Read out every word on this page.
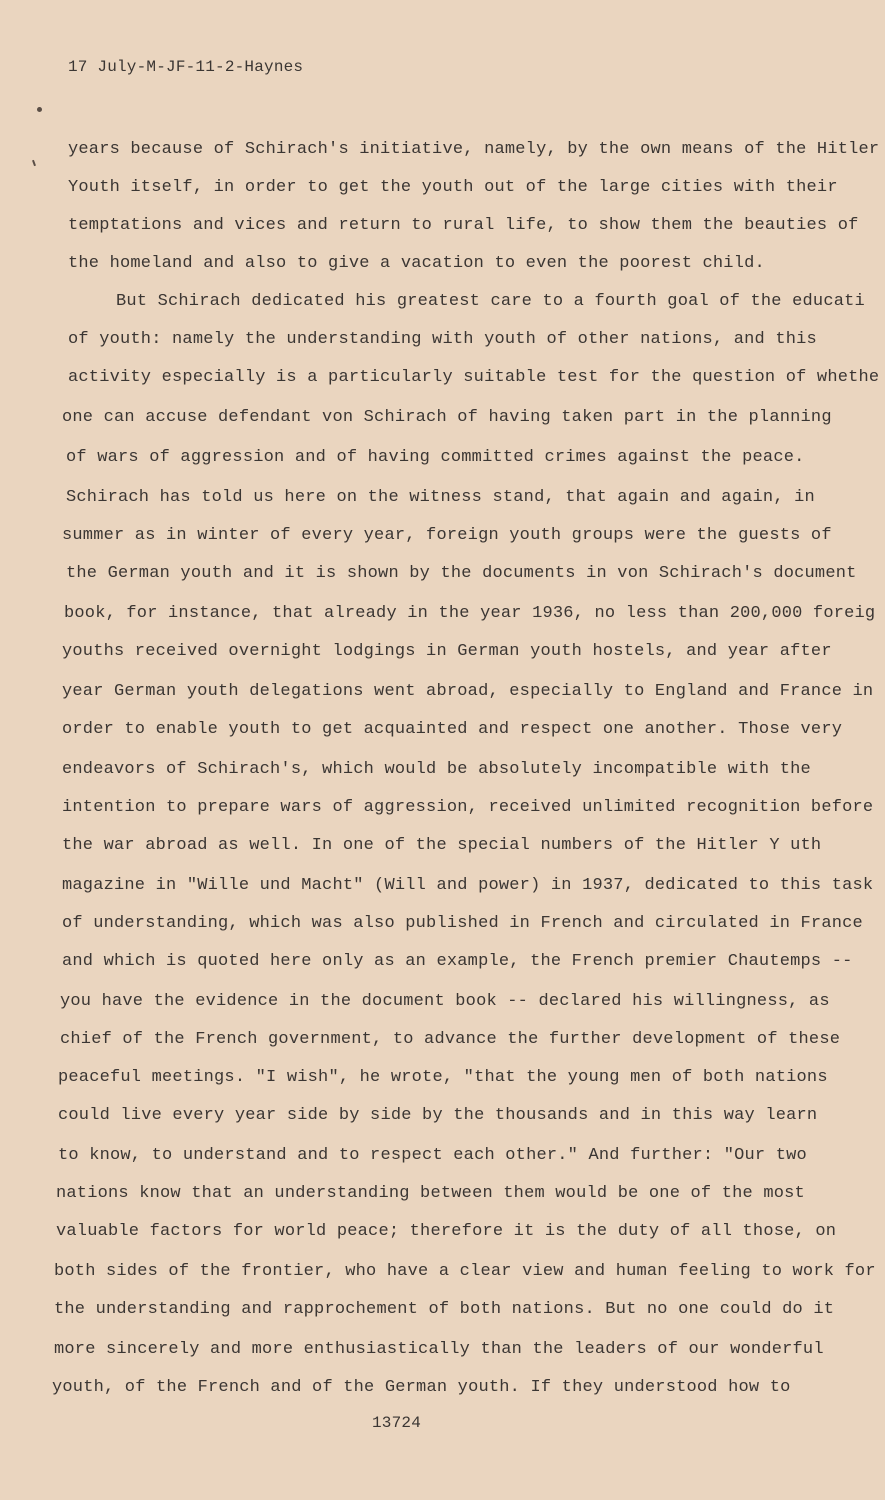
17 July-M-JF-11-2-Haynes
years because of Schirach's initiative, namely, by the own means of the Hitler
Youth itself, in order to get the youth out of the large cities with their
temptations and vices and return to rural life, to show them the beauties of
the homeland and also to give a vacation to even the poorest child.
But Schirach dedicated his greatest care to a fourth goal of the educati
of youth: namely the understanding with youth of other nations, and this
activity especially is a particularly suitable test for the question of whethe
one can accuse defendant von Schirach of having taken part in the planning
of wars of aggression and of having committed crimes against the peace.
Schirach has told us here on the witness stand, that again and again, in
summer as in winter of every year, foreign youth groups were the guests of
the German youth and it is shown by the documents in von Schirach's document
book, for instance, that already in the year 1936, no less than 200,000 foreig
youths received overnight lodgings in German youth hostels, and year after
year German youth delegations went abroad, especially to England and France in
order to enable youth to get acquainted and respect one another. Those very
endeavors of Schirach's, which would be absolutely incompatible with the
intention to prepare wars of aggression, received unlimited recognition before
the war abroad as well. In one of the special numbers of the Hitler Y uth
magazine in "Wille und Macht" (Will and power) in 1937, dedicated to this task
of understanding, which was also published in French and circulated in France
and which is quoted here only as an example, the French premier Chautemps --
you have the evidence in the document book -- declared his willingness, as
chief of the French government, to advance the further development of these
peaceful meetings. "I wish", he wrote, "that the young men of both nations
could live every year side by side by the thousands and in this way learn
to know, to understand and to respect each other." And further: "Our two
nations know that an understanding between them would be one of the most
valuable factors for world peace; therefore it is the duty of all those, on
both sides of the frontier, who have a clear view and human feeling to work for
the understanding and rapprochement of both nations. But no one could do it
more sincerely and more enthusiastically than the leaders of our wonderful
youth, of the French and of the German youth. If they understood how to
13724
